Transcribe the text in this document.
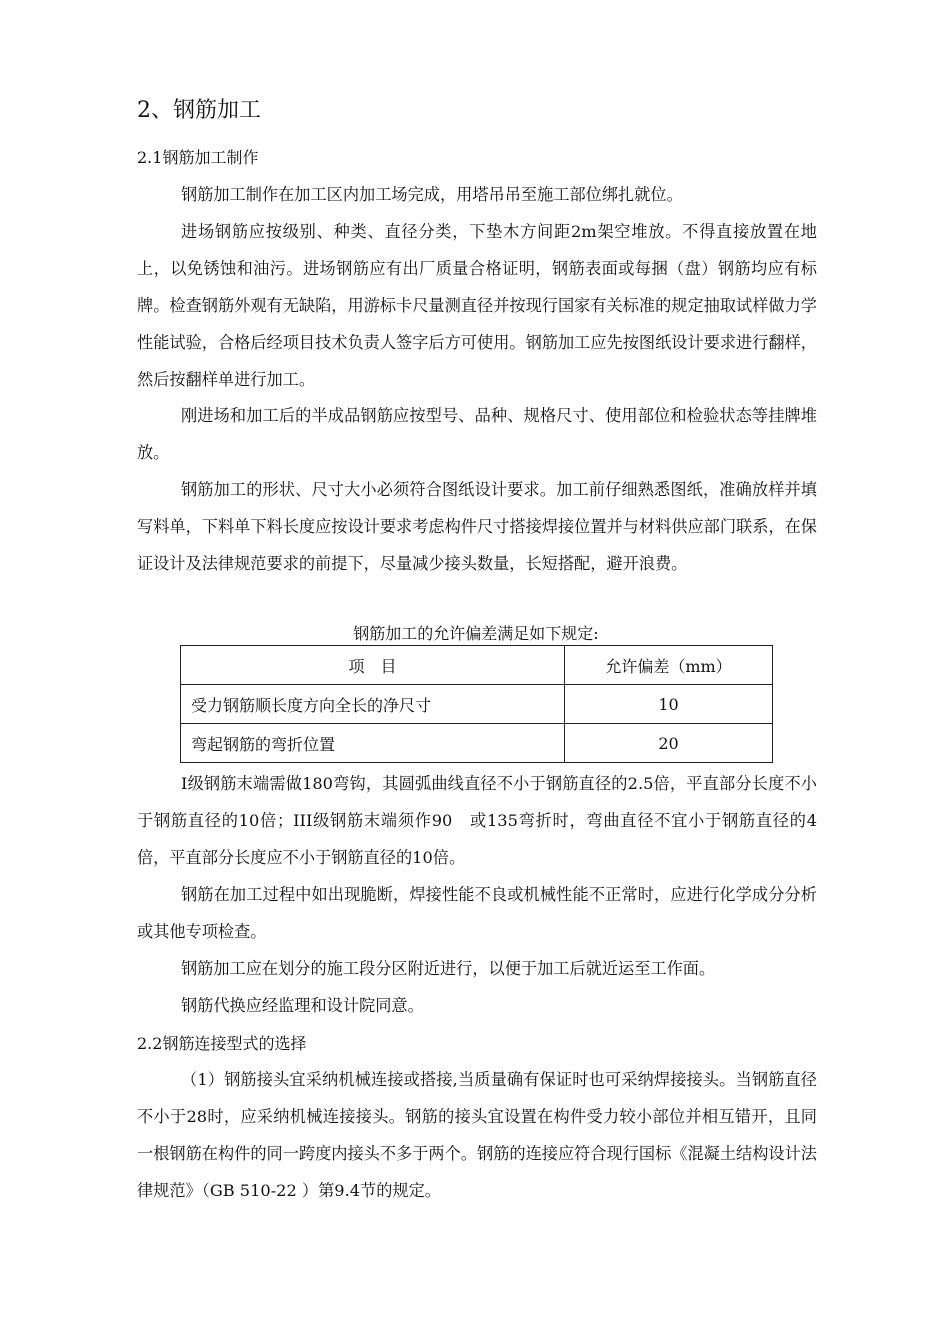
2、钢筋加工
2.1钢筋加工制作

钢筋加工制作在加工区内加工场完成，用塔吊吊至施工部位绑扎就位。

进场钢筋应按级别、种类、直径分类，下垫木方间距2m架空堆放。不得直接放置在地上，以免锈蚀和油污。进场钢筋应有出厂质量合格证明，钢筋表面或每捆（盘）钢筋均应有标牌。检查钢筋外观有无缺陷，用游标卡尺量测直径并按现行国家有关标准的规定抽取试样做力学性能试验，合格后经项目技术负责人签字后方可使用。钢筋加工应先按图纸设计要求进行翻样，然后按翻样单进行加工。

刚进场和加工后的半成品钢筋应按型号、品种、规格尺寸、使用部位和检验状态等挂牌堆放。

钢筋加工的形状、尺寸大小必须符合图纸设计要求。加工前仔细熟悉图纸，准确放样并填写料单，下料单下料长度应按设计要求考虑构件尺寸搭接焊接位置并与材料供应部门联系，在保证设计及法律规范要求的前提下，尽量减少接头数量，长短搭配，避开浪费。

钢筋加工的允许偏差满足如下规定:
项　目	允许偏差（mm）
受力钢筋顺长度方向全长的净尺寸	10
弯起钢筋的弯折位置	20

I级钢筋末端需做180弯钩，其圆弧曲线直径不小于钢筋直径的2.5倍，平直部分长度不小于钢筋直径的10倍；III级钢筋末端须作90　或135弯折时，弯曲直径不宜小于钢筋直径的4倍，平直部分长度应不小于钢筋直径的10倍。

钢筋在加工过程中如出现脆断，焊接性能不良或机械性能不正常时，应进行化学成分分析或其他专项检查。

钢筋加工应在划分的施工段分区附近进行，以便于加工后就近运至工作面。

钢筋代换应经监理和设计院同意。

2.2钢筋连接型式的选择

（1）钢筋接头宜采纳机械连接或搭接,当质量确有保证时也可采纳焊接接头。当钢筋直径不小于28时，应采纳机械连接接头。钢筋的接头宜设置在构件受力较小部位并相互错开，且同一根钢筋在构件的同一跨度内接头不多于两个。钢筋的连接应符合现行国标《混凝土结构设计法律规范》（GB 510-22 ）第9.4节的规定。
